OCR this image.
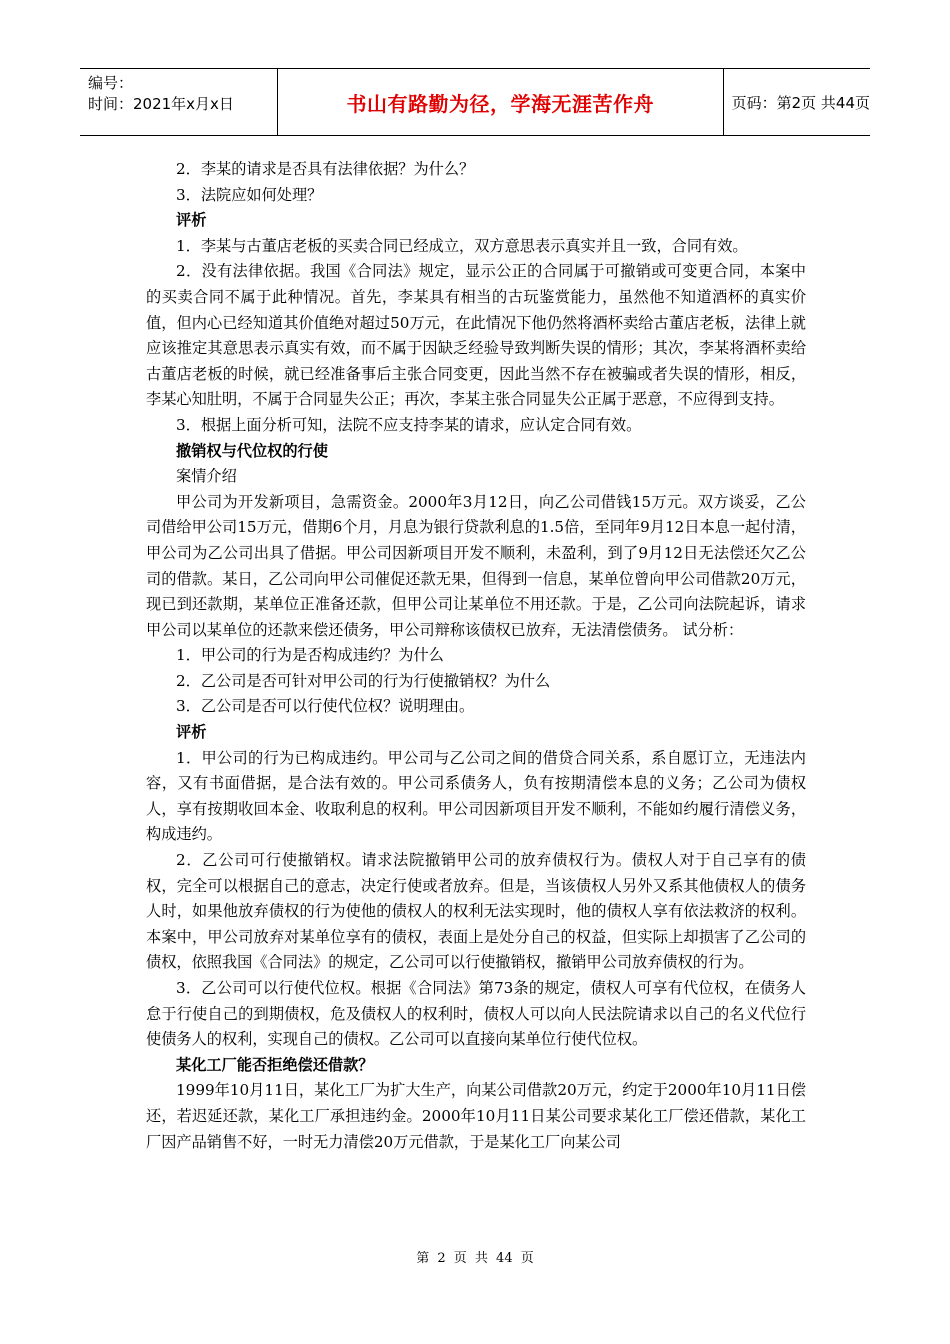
编号：
时间：2021年x月x日	书山有路勤为径，学海无涯苦作舟	页码：第2页 共44页

2．李某的请求是否具有法律依据？为什么？

3．法院应如何处理？

评析

1．李某与古董店老板的买卖合同已经成立，双方意思表示真实并且一致，合同有效。

2．没有法律依据。我国《合同法》规定，显示公正的合同属于可撤销或可变更合同，本案中的买卖合同不属于此种情况。首先，李某具有相当的古玩鉴赏能力，虽然他不知道酒杯的真实价值，但内心已经知道其价值绝对超过50万元，在此情况下他仍然将酒杯卖给古董店老板，法律上就应该推定其意思表示真实有效，而不属于因缺乏经验导致判断失误的情形；其次，李某将酒杯卖给古董店老板的时候，就已经准备事后主张合同变更，因此当然不存在被骗或者失误的情形，相反，李某心知肚明，不属于合同显失公正；再次，李某主张合同显失公正属于恶意，不应得到支持。

3．根据上面分析可知，法院不应支持李某的请求，应认定合同有效。

撤销权与代位权的行使

案情介绍

甲公司为开发新项目，急需资金。2000年3月12日，向乙公司借钱15万元。双方谈妥，乙公司借给甲公司15万元，借期6个月，月息为银行贷款利息的1.5倍，至同年9月12日本息一起付清，甲公司为乙公司出具了借据。甲公司因新项目开发不顺利，未盈利，到了9月12日无法偿还欠乙公司的借款。某日，乙公司向甲公司催促还款无果，但得到一信息，某单位曾向甲公司借款20万元，现已到还款期，某单位正准备还款，但甲公司让某单位不用还款。于是，乙公司向法院起诉，请求甲公司以某单位的还款来偿还债务，甲公司辩称该债权已放弃，无法清偿债务。 试分析：

1．甲公司的行为是否构成违约？为什么

2．乙公司是否可针对甲公司的行为行使撤销权？为什么

3．乙公司是否可以行使代位权？说明理由。

评析

1．甲公司的行为已构成违约。甲公司与乙公司之间的借贷合同关系，系自愿订立，无违法内容，又有书面借据，是合法有效的。甲公司系债务人，负有按期清偿本息的义务；乙公司为债权人，享有按期收回本金、收取利息的权利。甲公司因新项目开发不顺利，不能如约履行清偿义务，构成违约。

2．乙公司可行使撤销权。请求法院撤销甲公司的放弃债权行为。债权人对于自己享有的债权，完全可以根据自己的意志，决定行使或者放弃。但是，当该债权人另外又系其他债权人的债务人时，如果他放弃债权的行为使他的债权人的权利无法实现时，他的债权人享有依法救济的权利。本案中，甲公司放弃对某单位享有的债权，表面上是处分自己的权益，但实际上却损害了乙公司的债权，依照我国《合同法》的规定，乙公司可以行使撤销权，撤销甲公司放弃债权的行为。

3．乙公司可以行使代位权。根据《合同法》第73条的规定，债权人可享有代位权，在债务人怠于行使自己的到期债权，危及债权人的权利时，债权人可以向人民法院请求以自己的名义代位行使债务人的权利，实现自己的债权。乙公司可以直接向某单位行使代位权。

某化工厂能否拒绝偿还借款？

1999年10月11日，某化工厂为扩大生产，向某公司借款20万元，约定于2000年10月11日偿还，若迟延还款，某化工厂承担违约金。2000年10月11日某公司要求某化工厂偿还借款，某化工厂因产品销售不好，一时无力清偿20万元借款，于是某化工厂向某公司

第 2 页 共 44 页
